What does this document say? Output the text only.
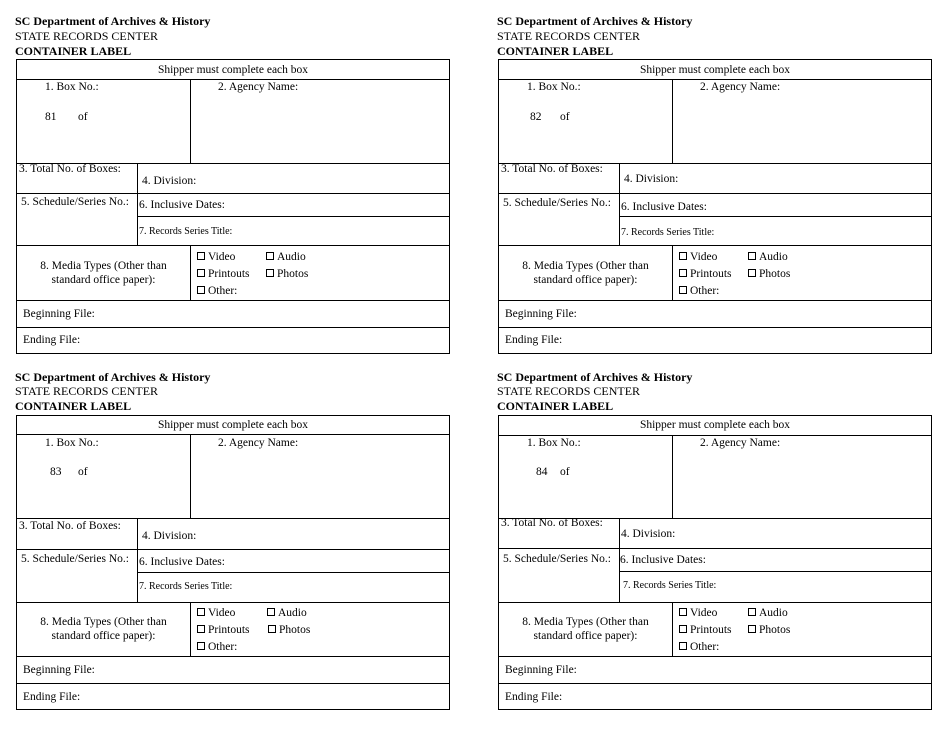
SC Department of Archives & History
STATE RECORDS CENTER
CONTAINER LABEL
Shipper must complete each box
1. Box No.:
81 of
2. Agency Name:
3. Total No. of Boxes:
4. Division:
5. Schedule/Series No.: 6. Inclusive Dates:
7. Records Series Title:
8. Media Types (Other than
standard office paper):
Video	Audio
Printouts	Photos
Other:
Beginning File:
Ending File:
SC Department of Archives & History
STATE RECORDS CENTER
CONTAINER LABEL
Shipper must complete each box
1. Box No.:
82 of
2. Agency Name:
3. Total No. of Boxes:
4. Division:
5. Schedule/Series No.: 6. Inclusive Dates:
7. Records Series Title:
8. Media Types (Other than
standard office paper):
Video	Audio
Printouts	Photos
Other:
Beginning File:
Ending File:
SC Department of Archives & History
STATE RECORDS CENTER
CONTAINER LABEL
Shipper must complete each box
1. Box No.:
83 of
2. Agency Name:
3. Total No. of Boxes:
4. Division:
5. Schedule/Series No.: 6. Inclusive Dates:
7. Records Series Title:
8. Media Types (Other than
standard office paper):
Video	Audio
Printouts	Photos
Other:
Beginning File:
Ending File:
SC Department of Archives & History
STATE RECORDS CENTER
CONTAINER LABEL
Shipper must complete each box
1. Box No.:
84 of
2. Agency Name:
3. Total No. of Boxes:
4. Division:
5. Schedule/Series No.: 6. Inclusive Dates:
7. Records Series Title:
8. Media Types (Other than
standard office paper):
Video	Audio
Printouts	Photos
Other:
Beginning File:
Ending File:
